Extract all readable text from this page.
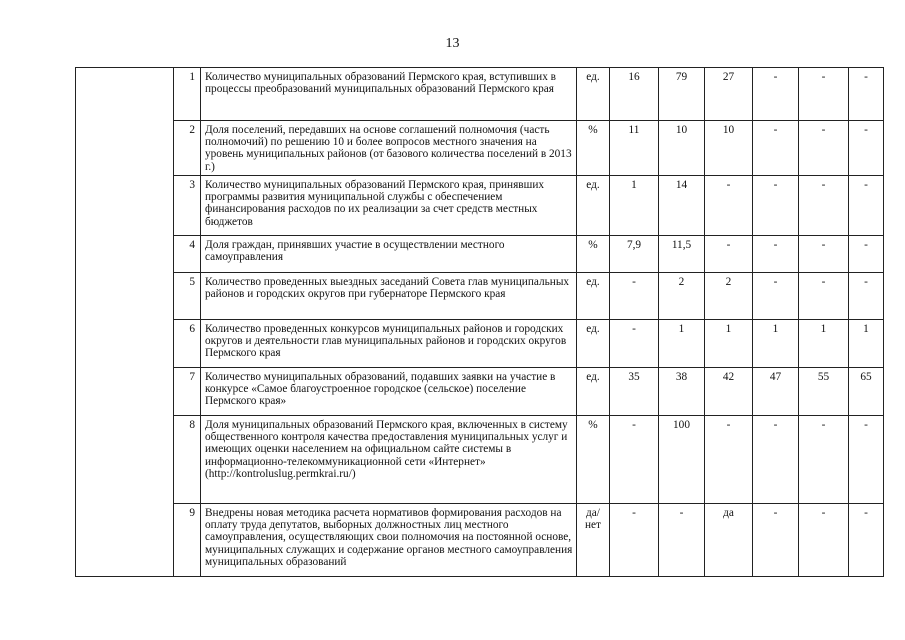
13
	1	Количество муниципальных образований Пермского края, вступивших в процессы преобразований муниципальных образований Пермского края	ед.	16	79	27	-	-	-
	2	Доля поселений, передавших на основе соглашений полномочия (часть полномочий) по решению 10 и более вопросов местного значения на уровень муниципальных районов (от базового количества поселений в 2013 г.)	%	11	10	10	-	-	-
	3	Количество муниципальных образований Пермского края, принявших программы развития муниципальной службы с обеспечением финансирования расходов по их реализации за счет средств местных бюджетов	ед.	1	14	-	-	-	-
	4	Доля граждан, принявших участие в осуществлении местного самоуправления	%	7,9	11,5	-	-	-	-
	5	Количество проведенных выездных заседаний Совета глав муниципальных районов и городских округов при губернаторе Пермского края	ед.	-	2	2	-	-	-
	6	Количество проведенных конкурсов муниципальных районов и городских округов и деятельности глав муниципальных районов и городских округов Пермского края	ед.	-	1	1	1	1	1
	7	Количество муниципальных образований, подавших заявки на участие в конкурсе «Самое благоустроенное городское (сельское) поселение Пермского края»	ед.	35	38	42	47	55	65
	8	Доля муниципальных образований Пермского края, включенных в систему общественного контроля качества предоставления муниципальных услуг и имеющих оценки населением на официальном сайте системы в информационно-телекоммуникационной сети «Интернет» (http://kontroluslug.permkrai.ru/)	%	-	100	-	-	-	-
	9	Внедрены новая методика расчета нормативов формирования расходов на оплату труда депутатов, выборных должностных лиц местного самоуправления, осуществляющих свои полномочия на постоянной основе, муниципальных служащих и содержание органов местного самоуправления муниципальных образований	да/ нет	-	-	да	-	-	-
